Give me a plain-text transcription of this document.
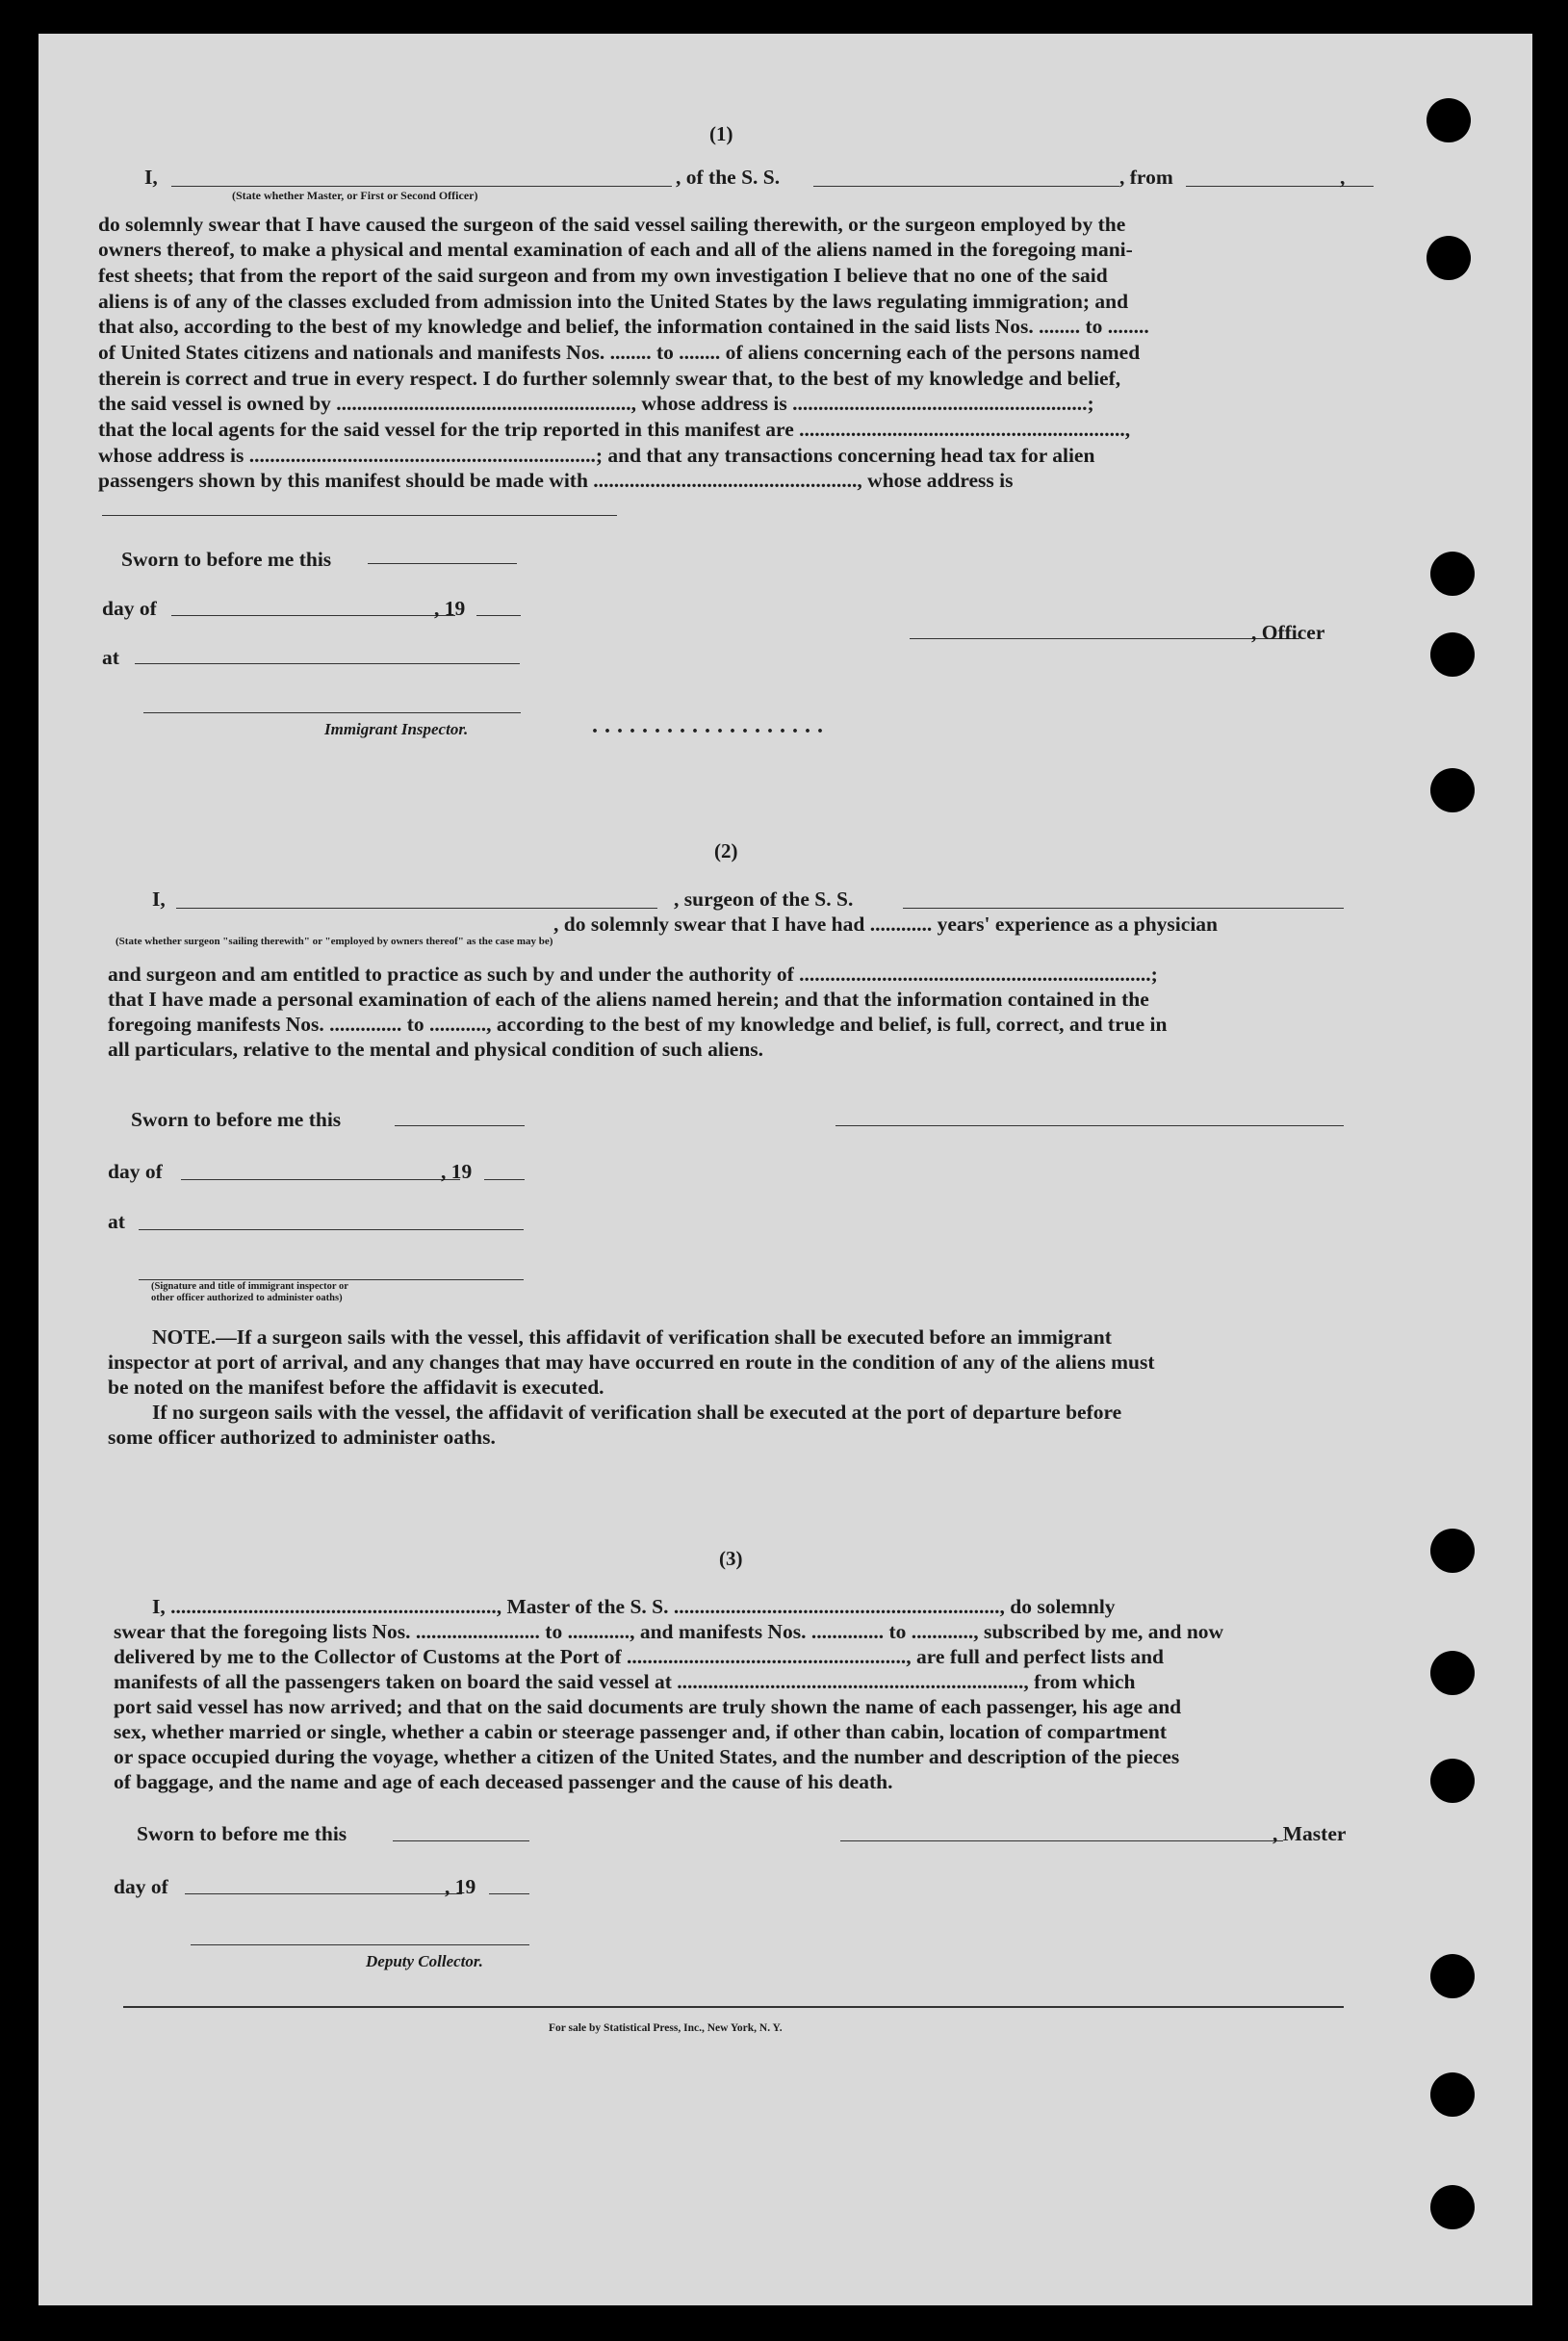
(1)
I,	, of the S. S.	, from	,
(State whether Master, or First or Second Officer)
do solemnly swear that I have caused the surgeon of the said vessel sailing therewith, or the surgeon employed by the
owners thereof, to make a physical and mental examination of each and all of the aliens named in the foregoing mani-
fest sheets; that from the report of the said surgeon and from my own investigation I believe that no one of the said
aliens is of any of the classes excluded from admission into the United States by the laws regulating immigration; and
that also, according to the best of my knowledge and belief, the information contained in the said lists Nos. ........ to ........
of United States citizens and nationals and manifests Nos. ........ to ........ of aliens concerning each of the persons named
therein is correct and true in every respect. I do further solemnly swear that, to the best of my knowledge and belief,
the said vessel is owned by ........................................................., whose address is .........................................................;
that the local agents for the said vessel for the trip reported in this manifest are ...............................................................,
whose address is ...................................................................; and that any transactions concerning head tax for alien
passengers shown by this manifest should be made with ..................................................., whose address is
Sworn to before me this
day of	, 19
at
, Officer
Immigrant Inspector.	...................
(2)
I,	, surgeon of the S. S.
, do solemnly swear that I have had ............ years' experience as a physician
(State whether surgeon "sailing therewith" or "employed by owners thereof" as the case may be)
and surgeon and am entitled to practice as such by and under the authority of ....................................................................;
that I have made a personal examination of each of the aliens named herein; and that the information contained in the
foregoing manifests Nos. .............. to ..........., according to the best of my knowledge and belief, is full, correct, and true in
all particulars, relative to the mental and physical condition of such aliens.
Sworn to before me this
day of	, 19
at
(Signature and title of immigrant inspector or
other officer authorized to administer oaths)
NOTE.—If a surgeon sails with the vessel, this affidavit of verification shall be executed before an immigrant
inspector at port of arrival, and any changes that may have occurred en route in the condition of any of the aliens must
be noted on the manifest before the affidavit is executed.
If no surgeon sails with the vessel, the affidavit of verification shall be executed at the port of departure before
some officer authorized to administer oaths.
(3)
I, ..............................................................., Master of the S. S. ..............................................................., do solemnly
swear that the foregoing lists Nos. ........................ to ............, and manifests Nos. .............. to ............, subscribed by me, and now
delivered by me to the Collector of Customs at the Port of ......................................................, are full and perfect lists and
manifests of all the passengers taken on board the said vessel at ..................................................................., from which
port said vessel has now arrived; and that on the said documents are truly shown the name of each passenger, his age and
sex, whether married or single, whether a cabin or steerage passenger and, if other than cabin, location of compartment
or space occupied during the voyage, whether a citizen of the United States, and the number and description of the pieces
of baggage, and the name and age of each deceased passenger and the cause of his death.
Sworn to before me this	, Master
day of	, 19
Deputy Collector.
For sale by Statistical Press, Inc., New York, N. Y.
